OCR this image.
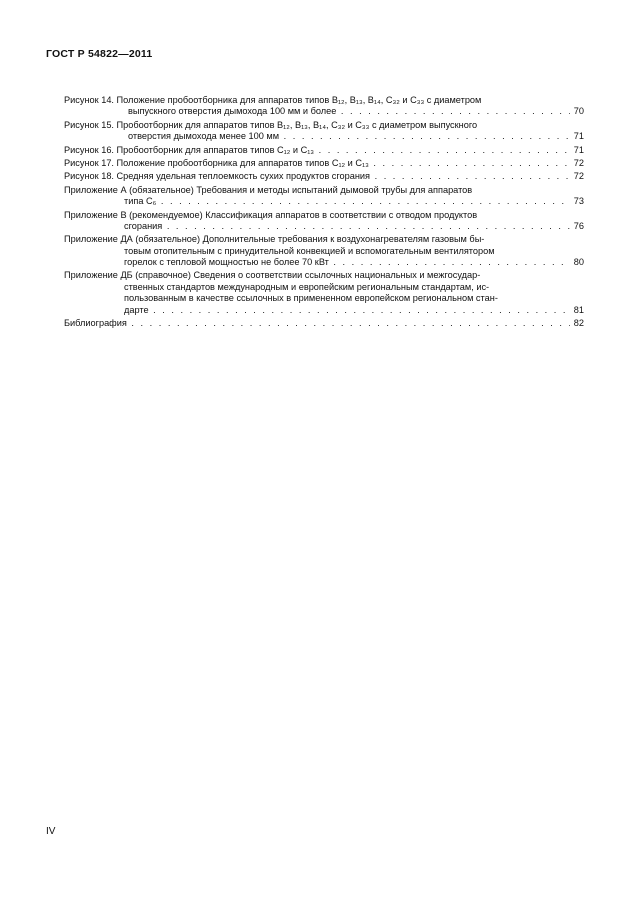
ГОСТ Р 54822—2011
Рисунок 14. Положение пробоотборника для аппаратов типов B₁₂, B₁₃, B₁₄, C₃₂ и C₃₃ с диаметром
выпускного отверстия дымохода 100 мм и более . . .	70
Рисунок 15. Пробоотборник для аппаратов типов B₁₂, B₁₃, B₁₄, C₃₂ и C₃₃ с диаметром выпускного
отверстия дымохода менее 100 мм . . .	71
Рисунок 16. Пробоотборник для аппаратов типов C₁₂ и C₁₃ . . .	71
Рисунок 17. Положение пробоотборника для аппаратов типов C₁₂ и C₁₃ . . .	72
Рисунок 18. Средняя удельная теплоемкость сухих продуктов сгорания . . .	72
Приложение А (обязательное) Требования и методы испытаний дымовой трубы для аппаратов
типа C₆ . . .	73
Приложение В (рекомендуемое) Классификация аппаратов в соответствии с отводом продуктов
сгорания . . .	76
Приложение ДА (обязательное) Дополнительные требования к воздухонагревателям газовым бы-
товым отопительным с принудительной конвекцией и вспомогательным вентилятором
горелок с тепловой мощностью не более 70 кВт . . .	80
Приложение ДБ (справочное) Сведения о соответствии ссылочных национальных и межгосудар-
ственных стандартов международным и европейским региональным стандартам, ис-
пользованным в качестве ссылочных в примененном европейском региональном стан-
дарте . . .	81
Библиография . . .	82
IV
